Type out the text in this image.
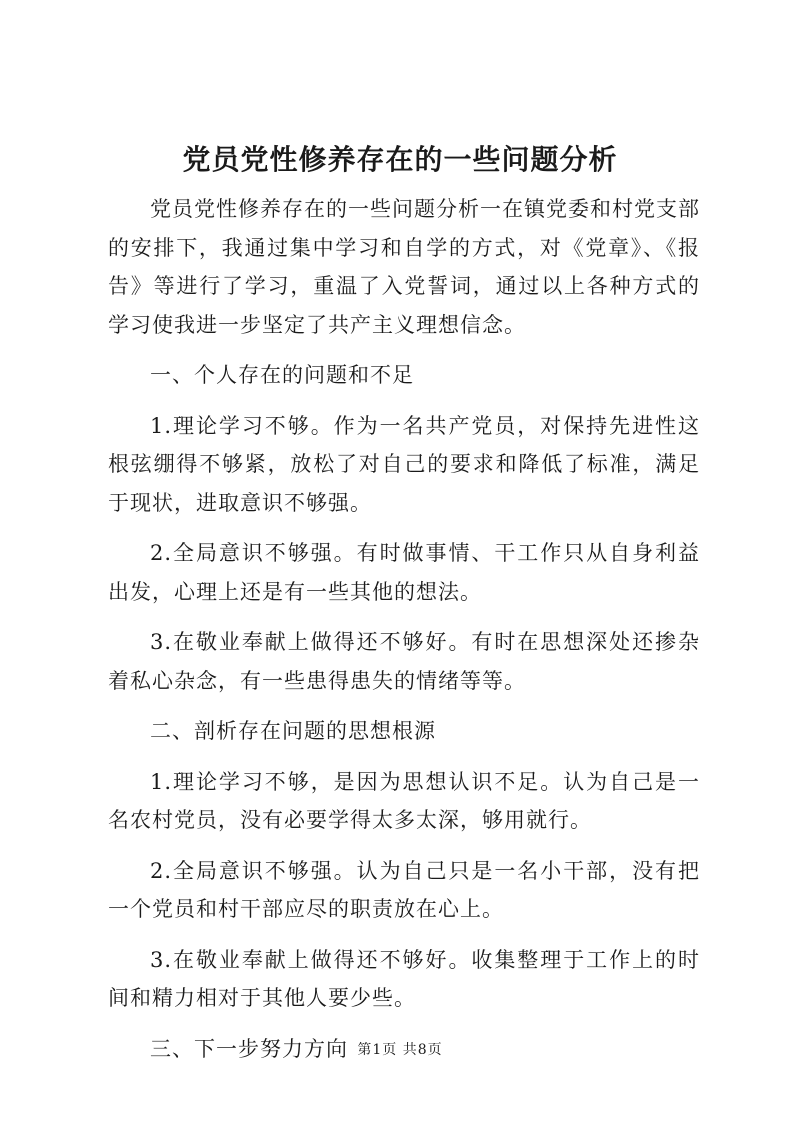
党员党性修养存在的一些问题分析

党员党性修养存在的一些问题分析一在镇党委和村党支部的安排下，我通过集中学习和自学的方式，对《党章》、《报告》等进行了学习，重温了入党誓词，通过以上各种方式的学习使我进一步坚定了共产主义理想信念。

一、个人存在的问题和不足

1.理论学习不够。作为一名共产党员，对保持先进性这根弦绷得不够紧，放松了对自己的要求和降低了标准，满足于现状，进取意识不够强。

2.全局意识不够强。有时做事情、干工作只从自身利益出发，心理上还是有一些其他的想法。

3.在敬业奉献上做得还不够好。有时在思想深处还掺杂着私心杂念，有一些患得患失的情绪等等。

二、剖析存在问题的思想根源

1.理论学习不够，是因为思想认识不足。认为自己是一名农村党员，没有必要学得太多太深，够用就行。

2.全局意识不够强。认为自己只是一名小干部，没有把一个党员和村干部应尽的职责放在心上。

3.在敬业奉献上做得还不够好。收集整理于工作上的时间和精力相对于其他人要少些。

三、下一步努力方向 第1页 共8页
